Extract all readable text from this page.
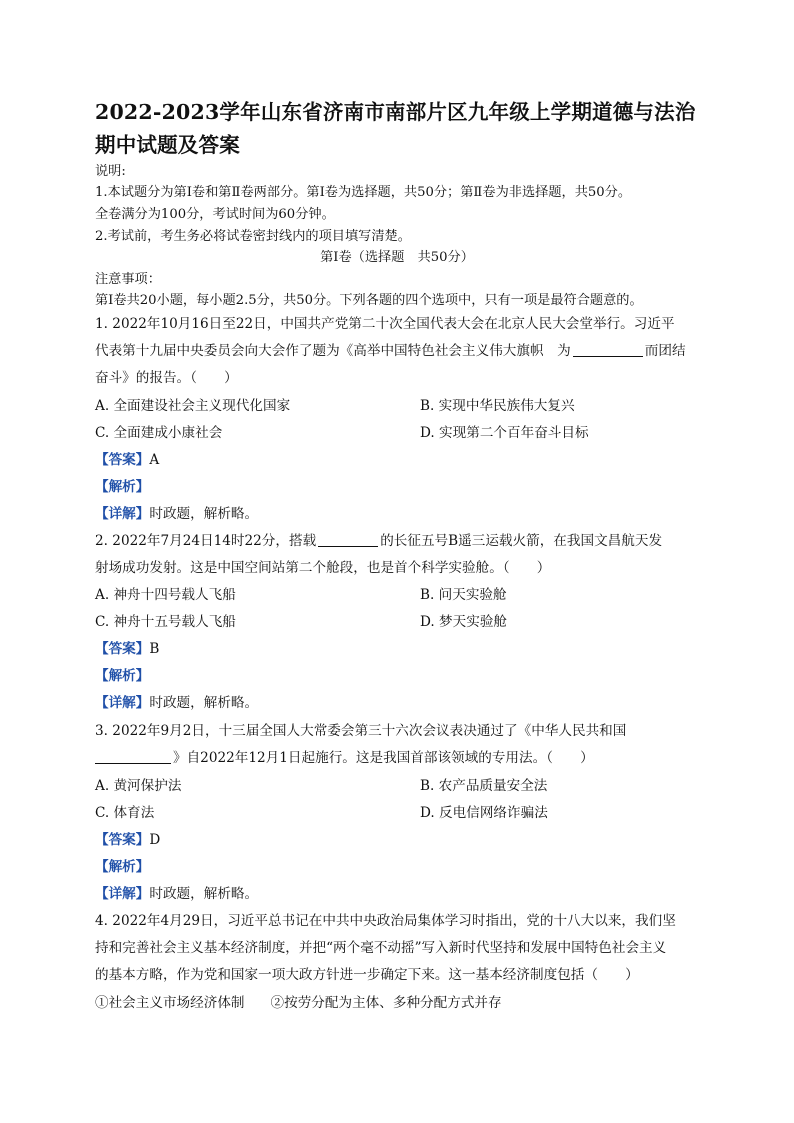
2022-2023学年山东省济南市南部片区九年级上学期道德与法治
期中试题及答案
说明:
1.本试题分为第Ⅰ卷和第Ⅱ卷两部分。第Ⅰ卷为选择题，共50分；第Ⅱ卷为非选择题，共50分。
全卷满分为100分，考试时间为60分钟。
2.考试前，考生务必将试卷密封线内的项目填写清楚。
第Ⅰ卷（选择题　共50分）
注意事项：
第Ⅰ卷共20小题，每小题2.5分，共50分。下列各题的四个选项中，只有一项是最符合题意的。
1. 2022年10月16日至22日，中国共产党第二十次全国代表大会在北京人民大会堂举行。习近平
代表第十九届中央委员会向大会作了题为《高举中国特色社会主义伟大旗帜　为	而团结
奋斗》的报告。（　　）
A. 全面建设社会主义现代化国家	B. 实现中华民族伟大复兴
C. 全面建成小康社会	D. 实现第二个百年奋斗目标
【答案】A
【解析】
【详解】时政题，解析略。
2. 2022年7月24日14时22分，搭载	的长征五号B遥三运载火箭，在我国文昌航天发
射场成功发射。这是中国空间站第二个舱段，也是首个科学实验舱。（　　）
A. 神舟十四号载人飞船	B. 问天实验舱
C. 神舟十五号载人飞船	D. 梦天实验舱
【答案】B
【解析】
【详解】时政题，解析略。
3. 2022年9月2日，十三届全国人大常委会第三十六次会议表决通过了《中华人民共和国
》自2022年12月1日起施行。这是我国首部该领域的专用法。（　　）
A. 黄河保护法	B. 农产品质量安全法
C. 体育法	D. 反电信网络诈骗法
【答案】D
【解析】
【详解】时政题，解析略。
4. 2022年4月29日，习近平总书记在中共中央政治局集体学习时指出，党的十八大以来，我们坚
持和完善社会主义基本经济制度，并把“两个毫不动摇”写入新时代坚持和发展中国特色社会主义
的基本方略，作为党和国家一项大政方针进一步确定下来。这一基本经济制度包括（　　）
①社会主义市场经济体制 ②按劳分配为主体、多种分配方式并存
